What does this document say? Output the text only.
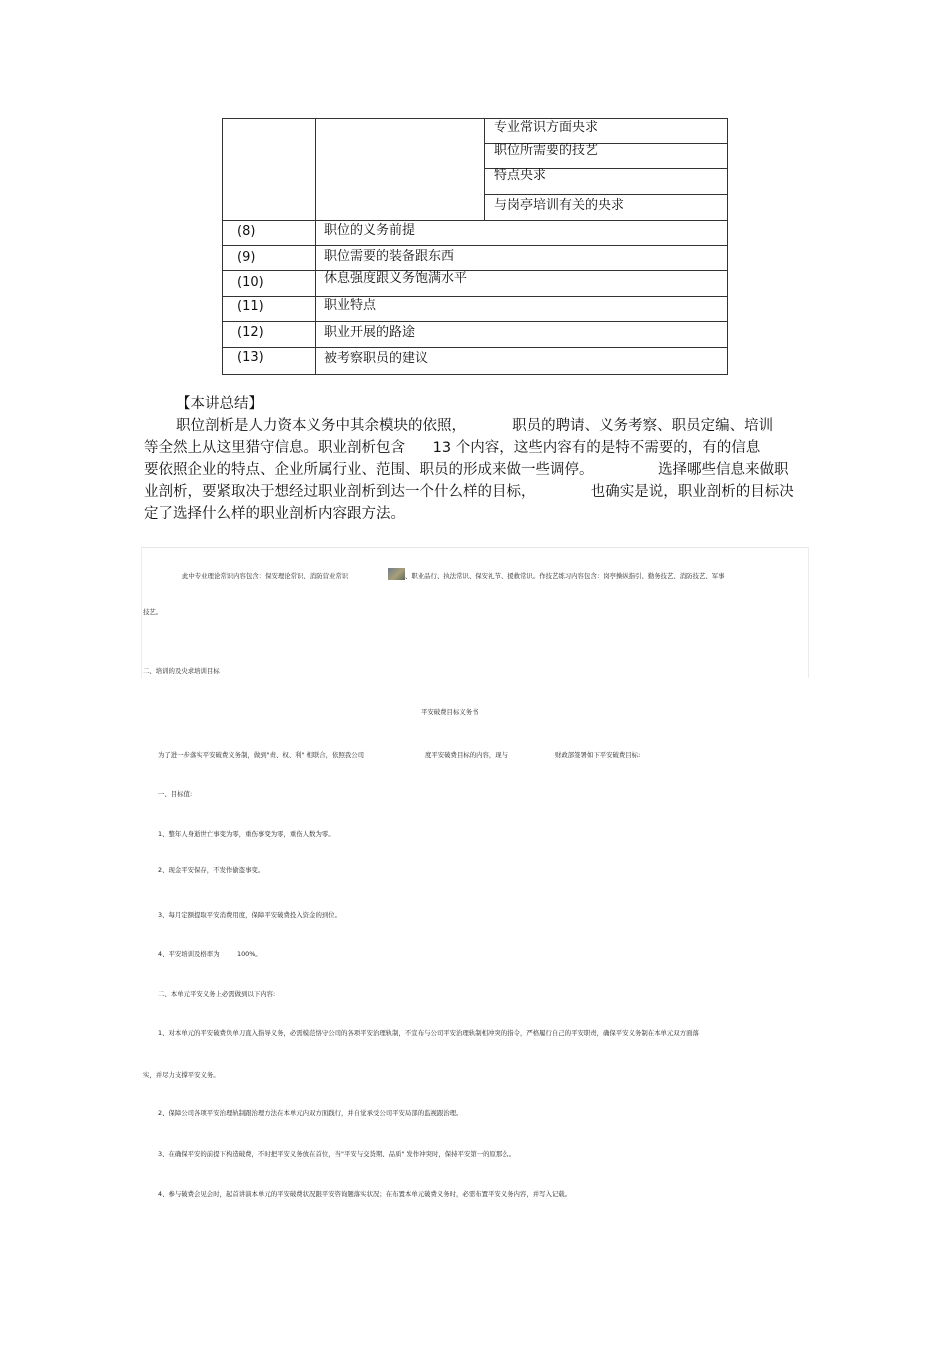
专业常识方面央求
职位所需要的技艺
特点央求
与岗亭培训有关的央求
(8)	职位的义务前提
(9)	职位需要的装备跟东西
(10)	休息强度跟义务饱满水平
(11)	职业特点
(12)	职业开展的路途
(13)	被考察职员的建议
【本讲总结】
职位剖析是人力资本义务中其余模块的依照，          职员的聘请、义务考察、职员定编、培训
等全然上从这里猎守信息。职业剖析包含      13 个内容，这些内容有的是特不需要的，有的信息
要依照企业的特点、企业所属行业、范围、职员的形成来做一些调停。              选择哪些信息来做职
业剖析，要紧取决于想经过职业剖析到达一个什么样的目标，            也确实是说，职业剖析的目标决
定了选择什么样的职业剖析内容跟方法。
此中专业理论常识内容包含：保安理论常识、消防营业常识	、职业品行、执法常识、保安礼节、援救常识。作技艺练习内容包含：岗亭操纵指引、勤务技艺、消防技艺、军事
技艺。
二、培训的及央求培训目标
平安破费目标义务书
为了进一步落实平安破费义务制，做到"责、权、利" 相联合，依照我公司	度平安破费目标的内容，现与	财政部签署如下平安破费目标:
一、目标值:
1、整年人身逝世亡事变为零，重伤事变为零，重伤人数为零。
2、现金平安保存，不发作偷盗事变。
3、每月定额提取平安消费用度，保障平安破费投入资金的到位。
4、平安培训及格率为	100%。
二、本单元平安义务上必需做到以下内容:
1、对本单元的平安破费负单刀直入指导义务，必需模范恪守公司的各项平安治理轨制，不宣布与公司平安治理轨制相冲突的指令，严格履行自己的平安职责，确保平安义务制在本单元双方面落
实，并尽力支撑平安义务。
2、保障公司各项平安治理轨制跟治理方法在本单元内双方面践行，并自觉承受公司平安局部的监视跟治理。
3、在确保平安的前提下构造破费，不时把平安义务放在首位，当"平安与交货期、品质" 发作冲突时，保持平安第一的原那么。
4、参与破费会见会时，起首讲演本单元的平安破费状况跟平安咨询题落实状况；在布置本单元破费义务时，必需布置平安义务内容，并写入记载。
